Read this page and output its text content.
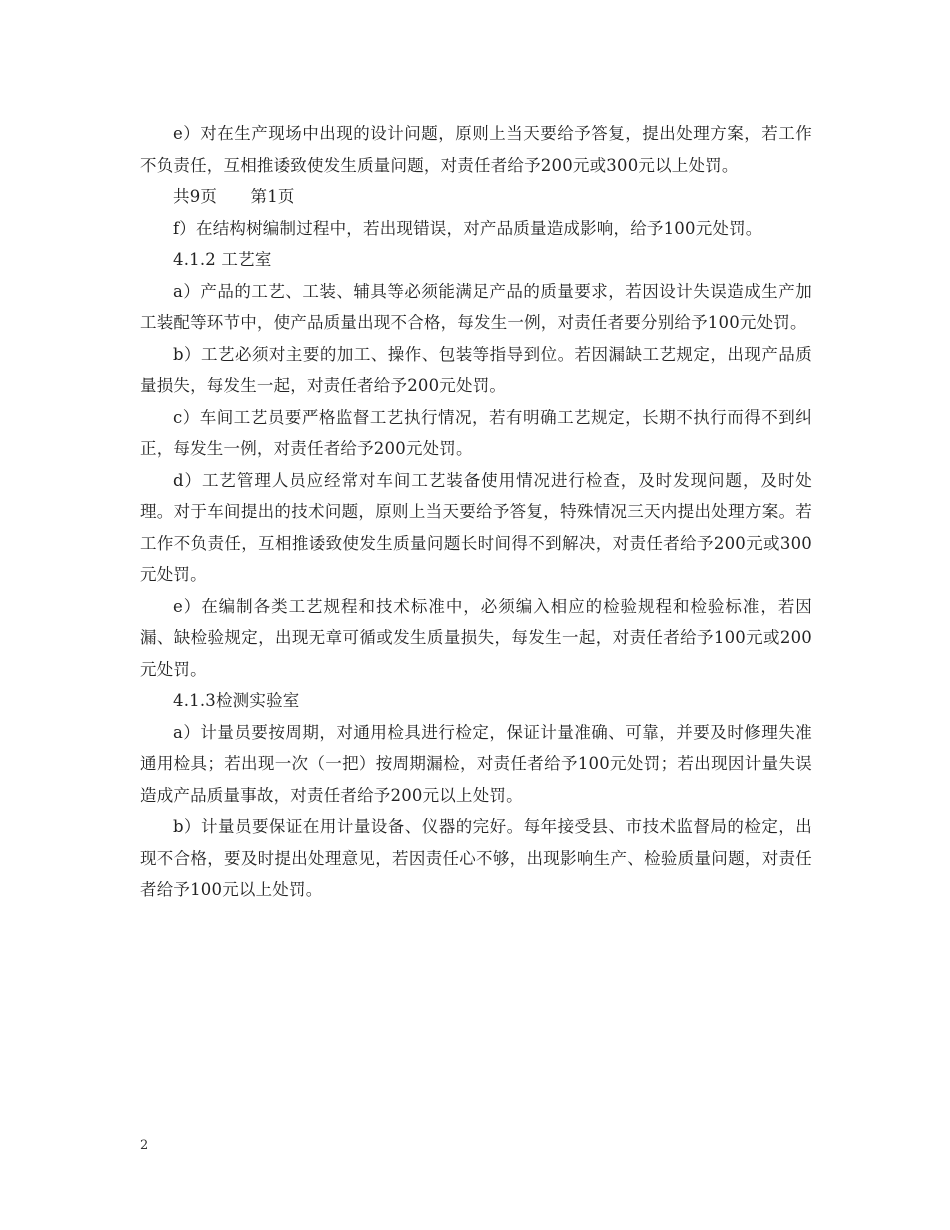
e）对在生产现场中出现的设计问题，原则上当天要给予答复，提出处理方案，若工作不负责任，互相推诿致使发生质量问题，对责任者给予200元或300元以上处罚。

共9页　　第1页

f）在结构树编制过程中，若出现错误，对产品质量造成影响，给予100元处罚。

4.1.2 工艺室

a）产品的工艺、工装、辅具等必须能满足产品的质量要求，若因设计失误造成生产加工装配等环节中，使产品质量出现不合格，每发生一例，对责任者要分别给予100元处罚。

b）工艺必须对主要的加工、操作、包装等指导到位。若因漏缺工艺规定，出现产品质量损失，每发生一起，对责任者给予200元处罚。

c）车间工艺员要严格监督工艺执行情况，若有明确工艺规定，长期不执行而得不到纠正，每发生一例，对责任者给予200元处罚。

d）工艺管理人员应经常对车间工艺装备使用情况进行检查，及时发现问题，及时处理。对于车间提出的技术问题，原则上当天要给予答复，特殊情况三天内提出处理方案。若工作不负责任，互相推诿致使发生质量问题长时间得不到解决，对责任者给予200元或300元处罚。

e）在编制各类工艺规程和技术标准中，必须编入相应的检验规程和检验标准，若因漏、缺检验规定，出现无章可循或发生质量损失，每发生一起，对责任者给予100元或200元处罚。

4.1.3检测实验室

a）计量员要按周期，对通用检具进行检定，保证计量准确、可靠，并要及时修理失准通用检具；若出现一次（一把）按周期漏检，对责任者给予100元处罚；若出现因计量失误造成产品质量事故，对责任者给予200元以上处罚。

b）计量员要保证在用计量设备、仪器的完好。每年接受县、市技术监督局的检定，出现不合格，要及时提出处理意见，若因责任心不够，出现影响生产、检验质量问题，对责任者给予100元以上处罚。

2
